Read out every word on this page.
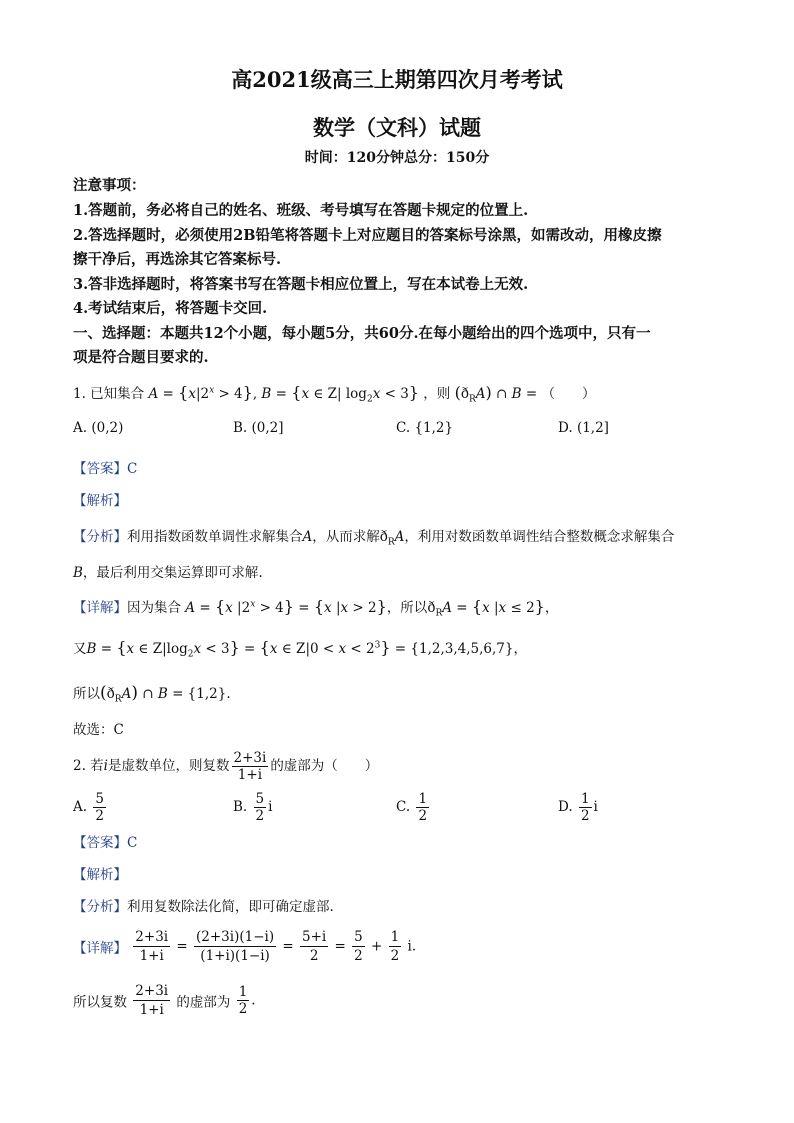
高2021级高三上期第四次月考考试
数学（文科）试题
时间：120分钟总分：150分
注意事项：
1.答题前，务必将自己的姓名、班级、考号填写在答题卡规定的位置上.
2.答选择题时，必须使用2B铅笔将答题卡上对应题目的答案标号涂黑，如需改动，用橡皮擦
擦干净后，再选涂其它答案标号.
3.答非选择题时，将答案书写在答题卡相应位置上，写在本试卷上无效.
4.考试结束后，将答题卡交回.
一、选择题：本题共12个小题，每小题5分，共60分.在每小题给出的四个选项中，只有一
项是符合题目要求的.
1. 已知集合 $A = \{x|2^x > 4\}$, B = {x ∈ Z| $\log_2x < 3$} ，则 $(ð_RA)$ ∩ B = （　　）
A. (0,2)	B. (0,2]	C. {1,2}	D. (1,2]
【答案】C
【解析】
【分析】利用指数函数单调性求解集合A，从而求解$ð_RA$，利用对数函数单调性结合整数概念求解集合
B，最后利用交集运算即可求解.
【详解】因为集合 A = {x $|2^x > 4\} = \{x$ |x > 2}，所以$ð_RA = \{x$ |x ≤ 2}，
又B = {x ∈ $Z|\log_2x < 3\} = \{x$ ∈ $Z|0 < x < 2^3\} = \{1,2,3,4,5,6,7\}$，
所以$(ð_RA)$ ∩ B = {1,2}.
故选：C
2. 若i是虚数单位，则复数 $\frac{2+3i}{1+i}$ 的虚部为（　　）
A. $\frac{5}{2}$	B. $\frac{5}{2}$ i	C. $\frac{1}{2}$	D. $\frac{1}{2}$ i
【答案】C
【解析】
【分析】利用复数除法化简，即可确定虚部.
【详解】 $\frac{2+3i}{1+i} = \frac{(2+3i)(1-i)}{(1+i)(1-i)} = \frac{5+i}{2} = \frac{5}{2} + \frac{1}{2} i$.
所以复数 $\frac{2+3i}{1+i}$ 的虚部为 $\frac{1}{2}$ .
